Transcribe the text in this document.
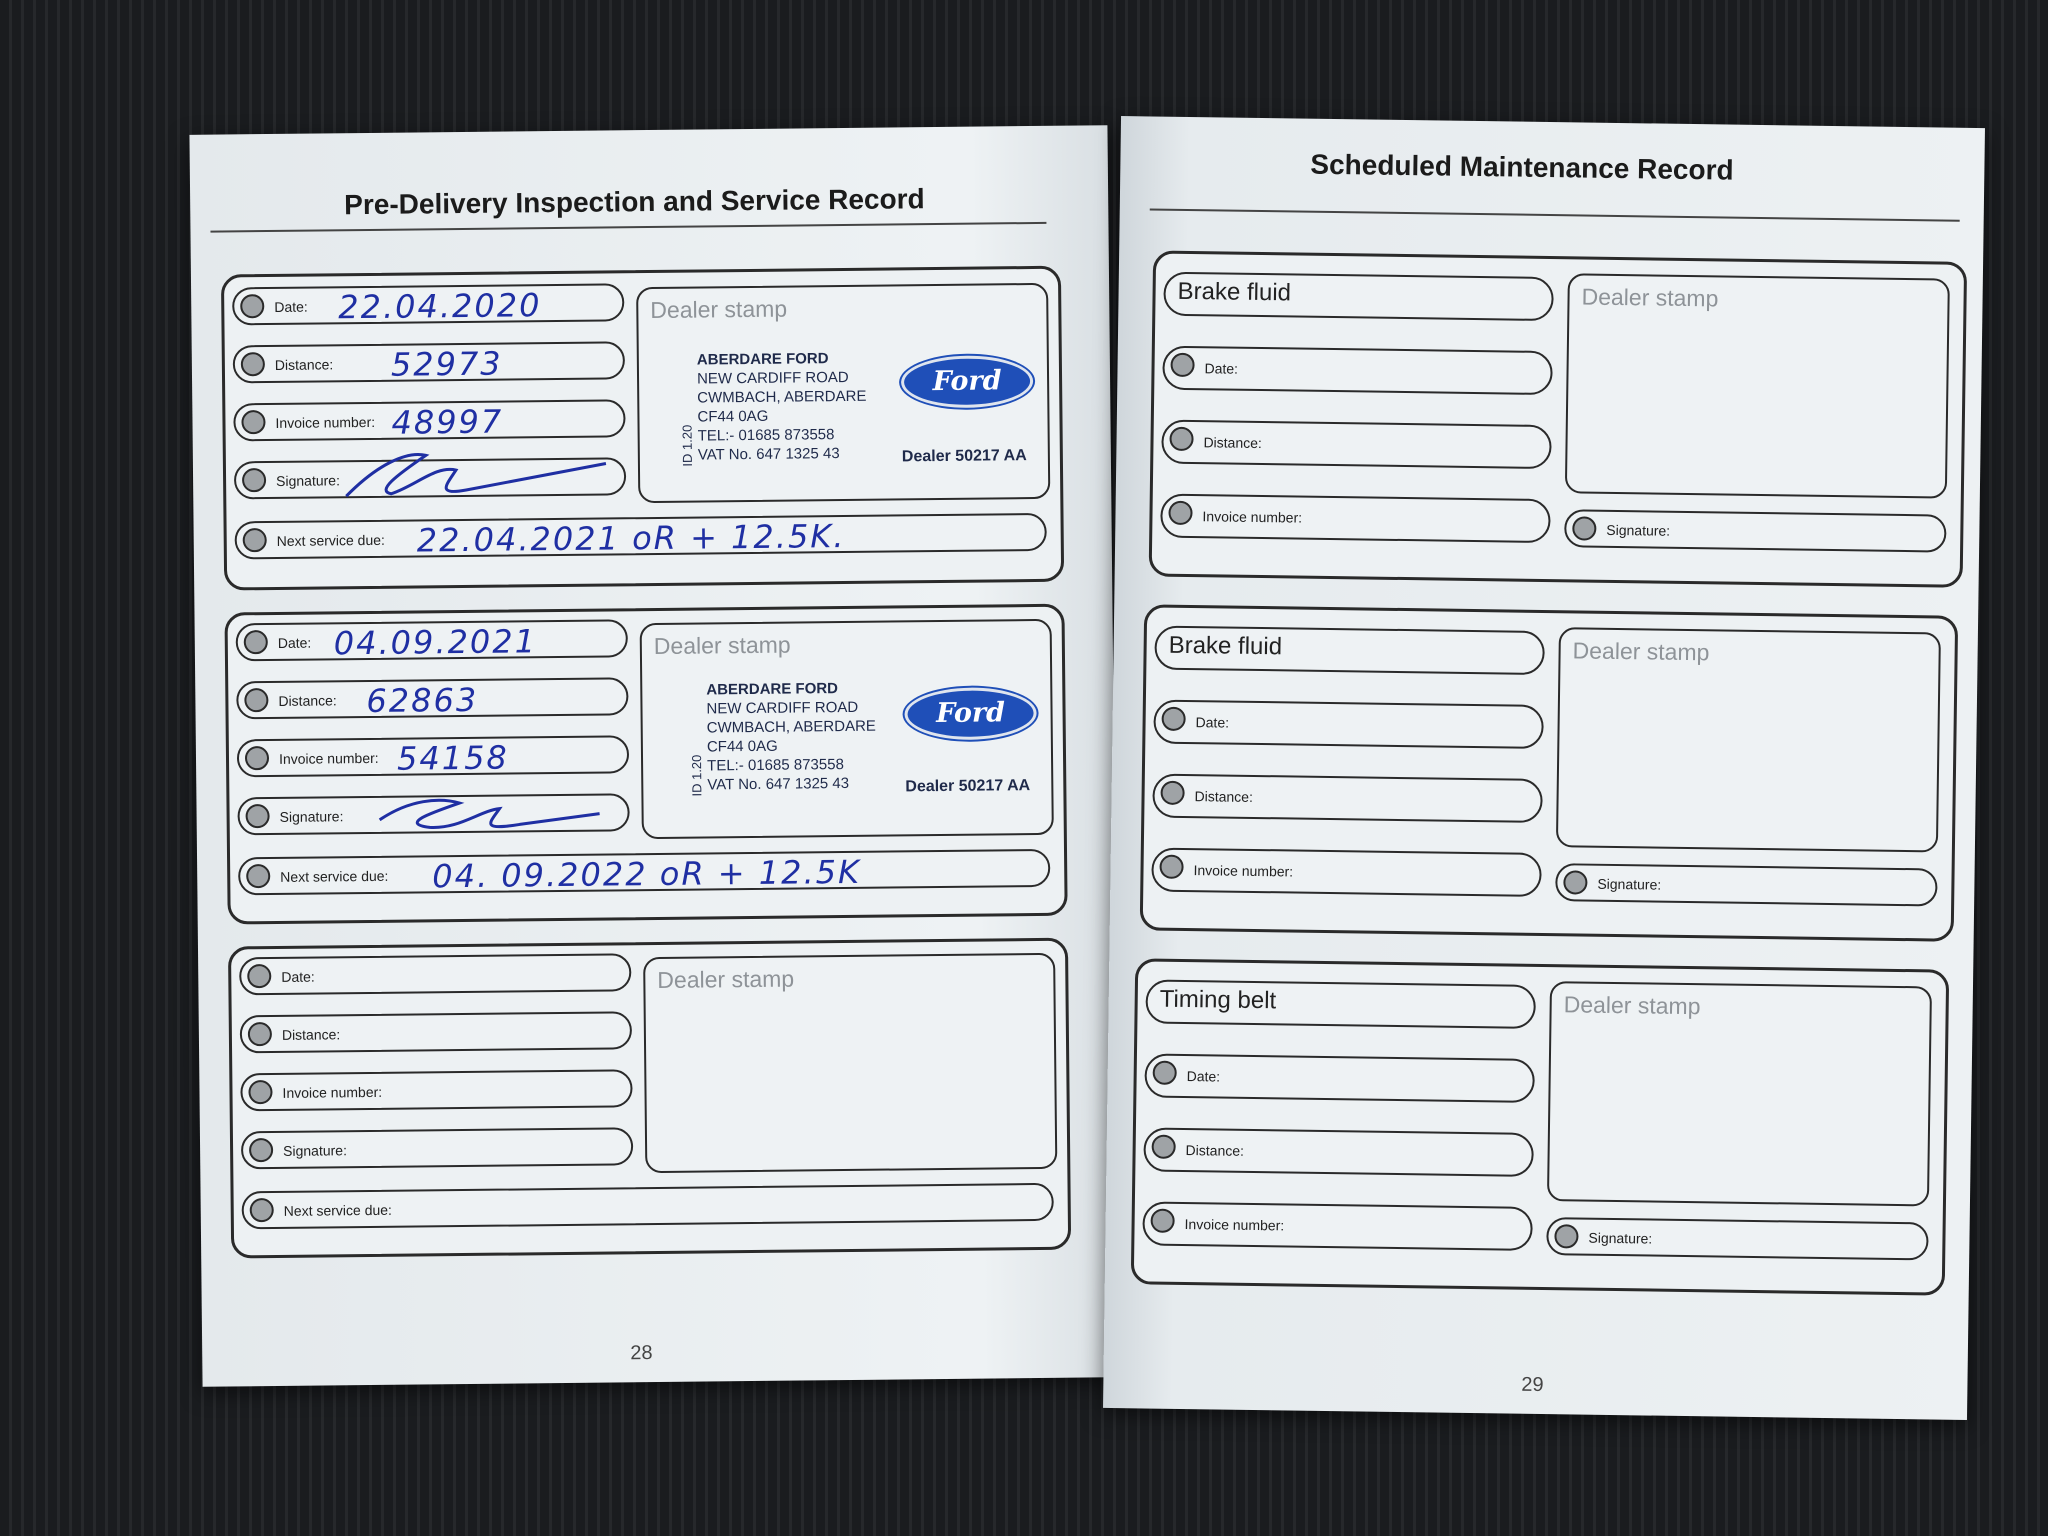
Pre-Delivery Inspection and Service Record
Date: 22.04.2020
Distance: 52973
Invoice number: 48997
Signature:
Next service due: 22.04.2021 oR + 12.5K.
Dealer stamp
ABERDARE FORD
NEW CARDIFF ROAD
CWMBACH, ABERDARE
CF44 0AG
TEL:- 01685 873558
VAT No. 647 1325 43
ID 1.20
Ford
Dealer 50217 AA
Date: 04.09.2021
Distance: 62863
Invoice number: 54158
Signature:
Next service due: 04. 09.2022 oR + 12.5K
Dealer stamp
ABERDARE FORD
NEW CARDIFF ROAD
CWMBACH, ABERDARE
CF44 0AG
TEL:- 01685 873558
VAT No. 647 1325 43
ID 1.20
Ford
Dealer 50217 AA
Date:
Distance:
Invoice number:
Signature:
Next service due:
Dealer stamp
28
Scheduled Maintenance Record
Brake fluid
Date:
Distance:
Invoice number:
Dealer stamp
Signature:
Brake fluid
Date:
Distance:
Invoice number:
Dealer stamp
Signature:
Timing belt
Date:
Distance:
Invoice number:
Dealer stamp
Signature:
29
